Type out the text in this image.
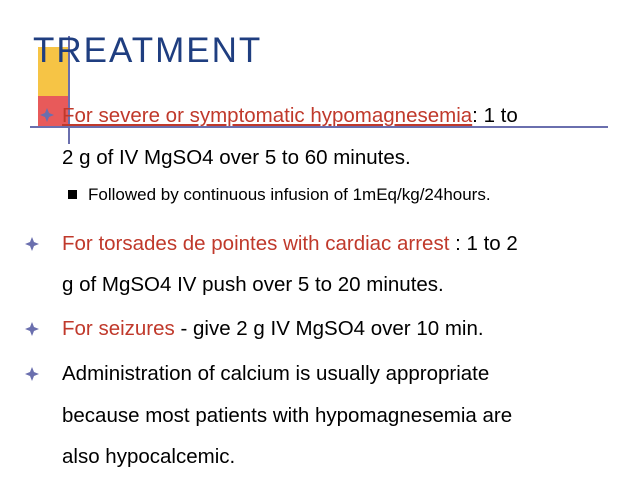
TREATMENT
For severe or symptomatic hypomagnesemia: 1 to
2 g of IV MgSO4 over 5 to 60 minutes.
Followed by continuous infusion of 1mEq/kg/24hours.
For torsades de pointes with cardiac arrest : 1 to 2
g of MgSO4 IV push over 5 to 20 minutes.
For seizures - give 2 g IV MgSO4 over 10 min.
Administration of calcium is usually appropriate
because most patients with hypomagnesemia are
also hypocalcemic.
